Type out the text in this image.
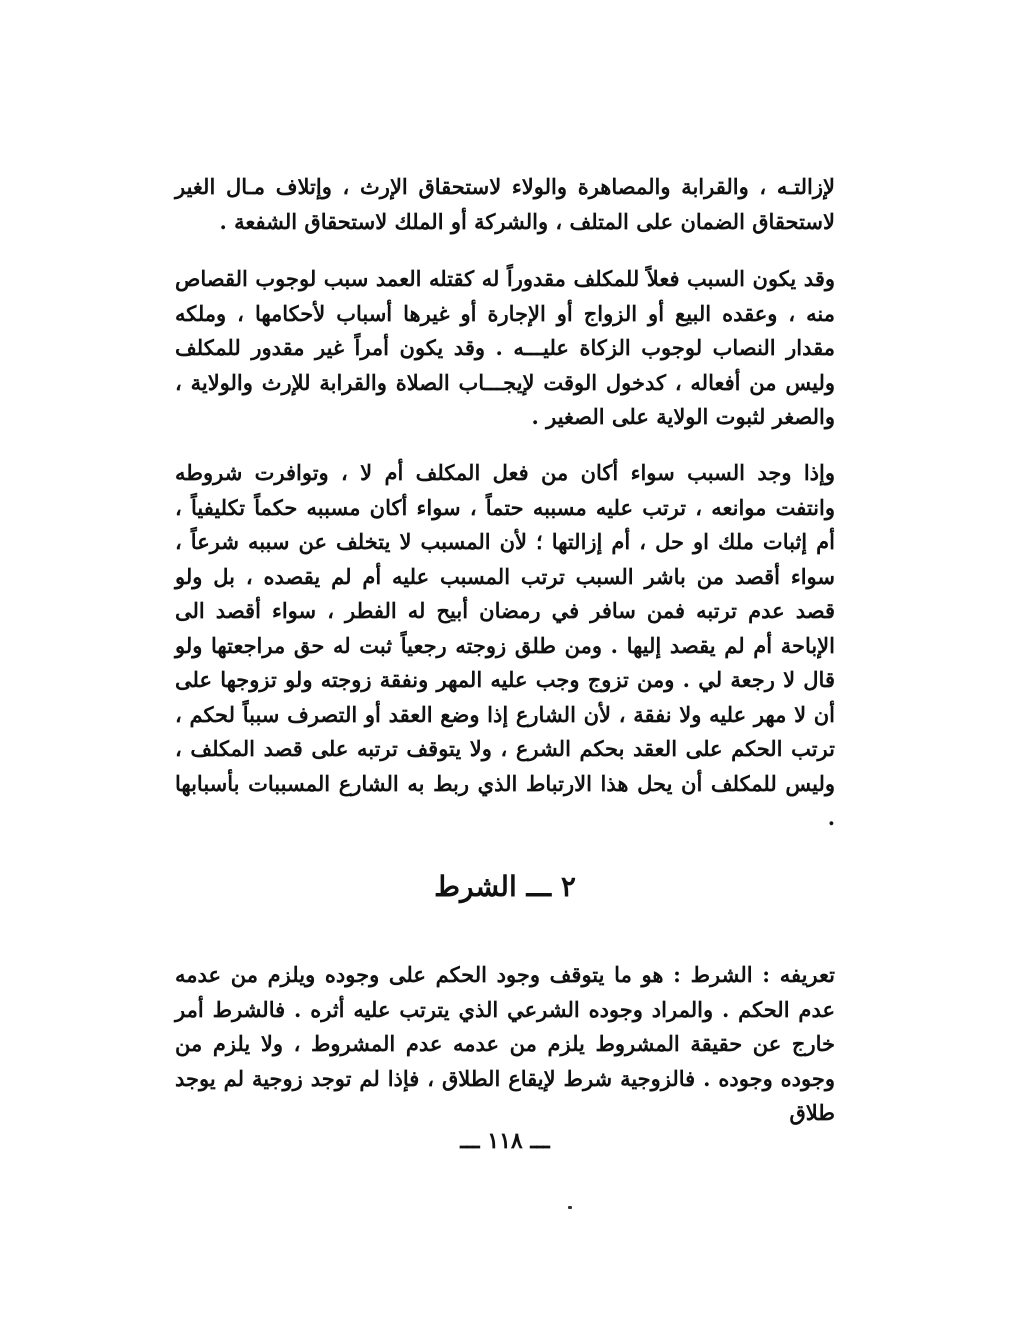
لإزالتـه ، والقرابة والمصاهرة والولاء لاستحقاق الإرث ، وإتلاف مـال الغير لاستحقاق الضمان على المتلف ، والشركة أو الملك لاستحقاق الشفعة .

وقد يكون السبب فعلاً للمكلف مقدوراً له كقتله العمد سبب لوجوب القصاص منه ، وعقده البيع أو الزواج أو الإجارة أو غيرها أسباب لأحكامها ، وملكه مقدار النصاب لوجوب الزكاة عليـــه . وقد يكون أمراً غير مقدور للمكلف وليس من أفعاله ، كدخول الوقت لإيجـــاب الصلاة والقرابة للإرث والولاية ، والصغر لثبوت الولاية على الصغير .

وإذا وجد السبب سواء أكان من فعل المكلف أم لا ، وتوافرت شروطه وانتفت موانعه ، ترتب عليه مسببه حتماً ، سواء أكان مسببه حكماً تكليفياً ، أم إثبات ملك او حل ، أم إزالتها ؛ لأن المسبب لا يتخلف عن سببه شرعاً ، سواء أقصد من باشر السبب ترتب المسبب عليه أم لم يقصده ، بل ولو قصد عدم ترتبه فمن سافر في رمضان أبيح له الفطر ، سواء أقصد الى الإباحة أم لم يقصد إليها . ومن طلق زوجته رجعياً ثبت له حق مراجعتها ولو قال لا رجعة لي . ومن تزوج وجب عليه المهر ونفقة زوجته ولو تزوجها على أن لا مهر عليه ولا نفقة ، لأن الشارع إذا وضع العقد أو التصرف سبباً لحكم ، ترتب الحكم على العقد بحكم الشرع ، ولا يتوقف ترتبه على قصد المكلف ، وليس للمكلف أن يحل هذا الارتباط الذي ربط به الشارع المسببات بأسبابها .

٢ ـــ الشرط

تعريفه : الشرط : هو ما يتوقف وجود الحكم على وجوده ويلزم من عدمه عدم الحكم . والمراد وجوده الشرعي الذي يترتب عليه أثره . فالشرط أمر خارج عن حقيقة المشروط يلزم من عدمه عدم المشروط ، ولا يلزم من وجوده وجوده . فالزوجية شرط لإيقاع الطلاق ، فإذا لم توجد زوجية لم يوجد طلاق

ـــ ١١٨ ـــ
